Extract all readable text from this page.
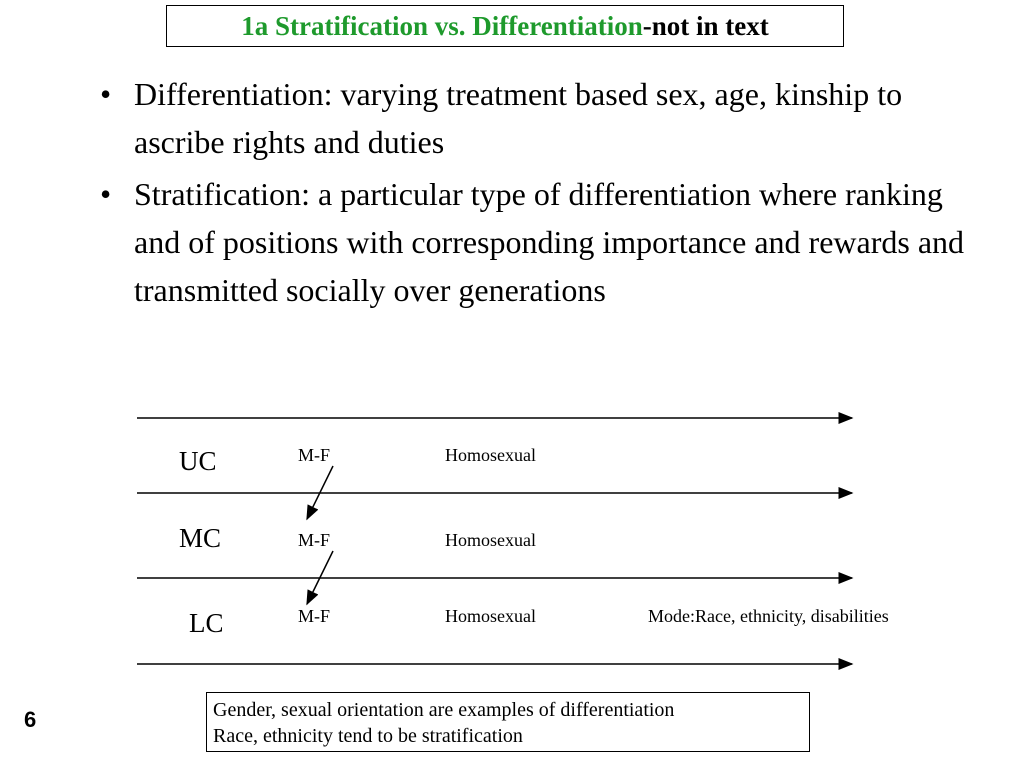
1a Stratification vs. Differentiation -not in text
• Differentiation: varying treatment based sex, age, kinship to ascribe rights and duties
• Stratification: a particular type of differentiation where ranking and of positions with corresponding importance and rewards and transmitted socially over generations
UC
MC
LC
M-F	Homosexual
M-F	Homosexual
M-F	Homosexual	Mode:Race, ethnicity, disabilities
Gender, sexual orientation are examples of differentiation
Race, ethnicity tend to be stratification
6
